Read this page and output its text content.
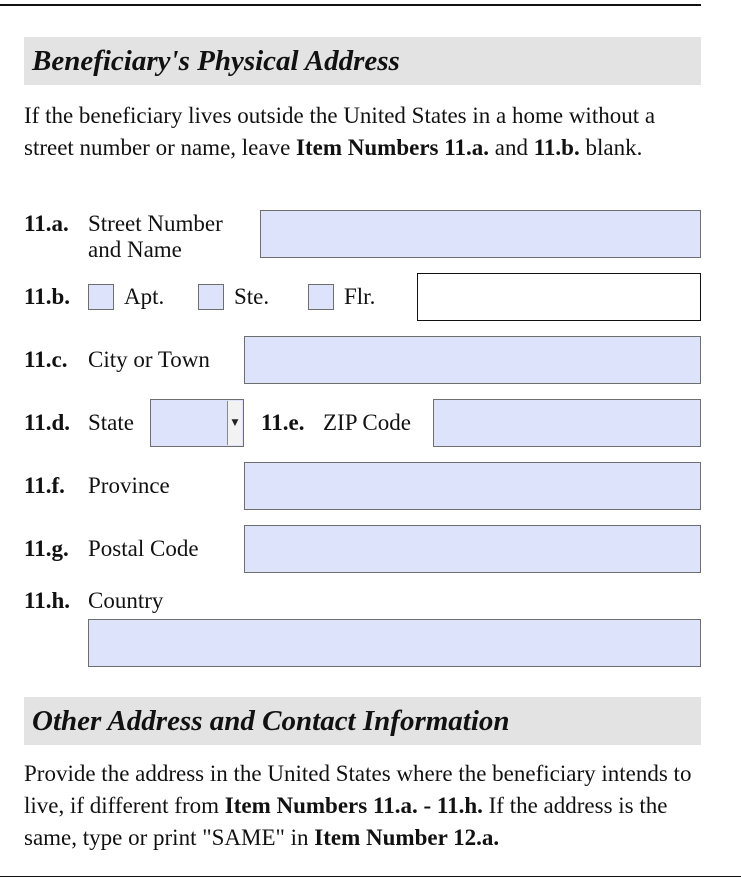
Beneficiary's Physical Address
If the beneficiary lives outside the United States in a home without a street number or name, leave Item Numbers 11.a. and 11.b. blank.
11.a. Street Number
and Name
11.b. Apt.	Ste.	Flr.
11.c. City or Town
11.d. State	▼ 11.e. ZIP Code
11.f. Province
11.g. Postal Code
11.h. Country
Other Address and Contact Information
Provide the address in the United States where the beneficiary intends to live, if different from Item Numbers 11.a. - 11.h. If the address is the same, type or print "SAME" in Item Number 12.a.
